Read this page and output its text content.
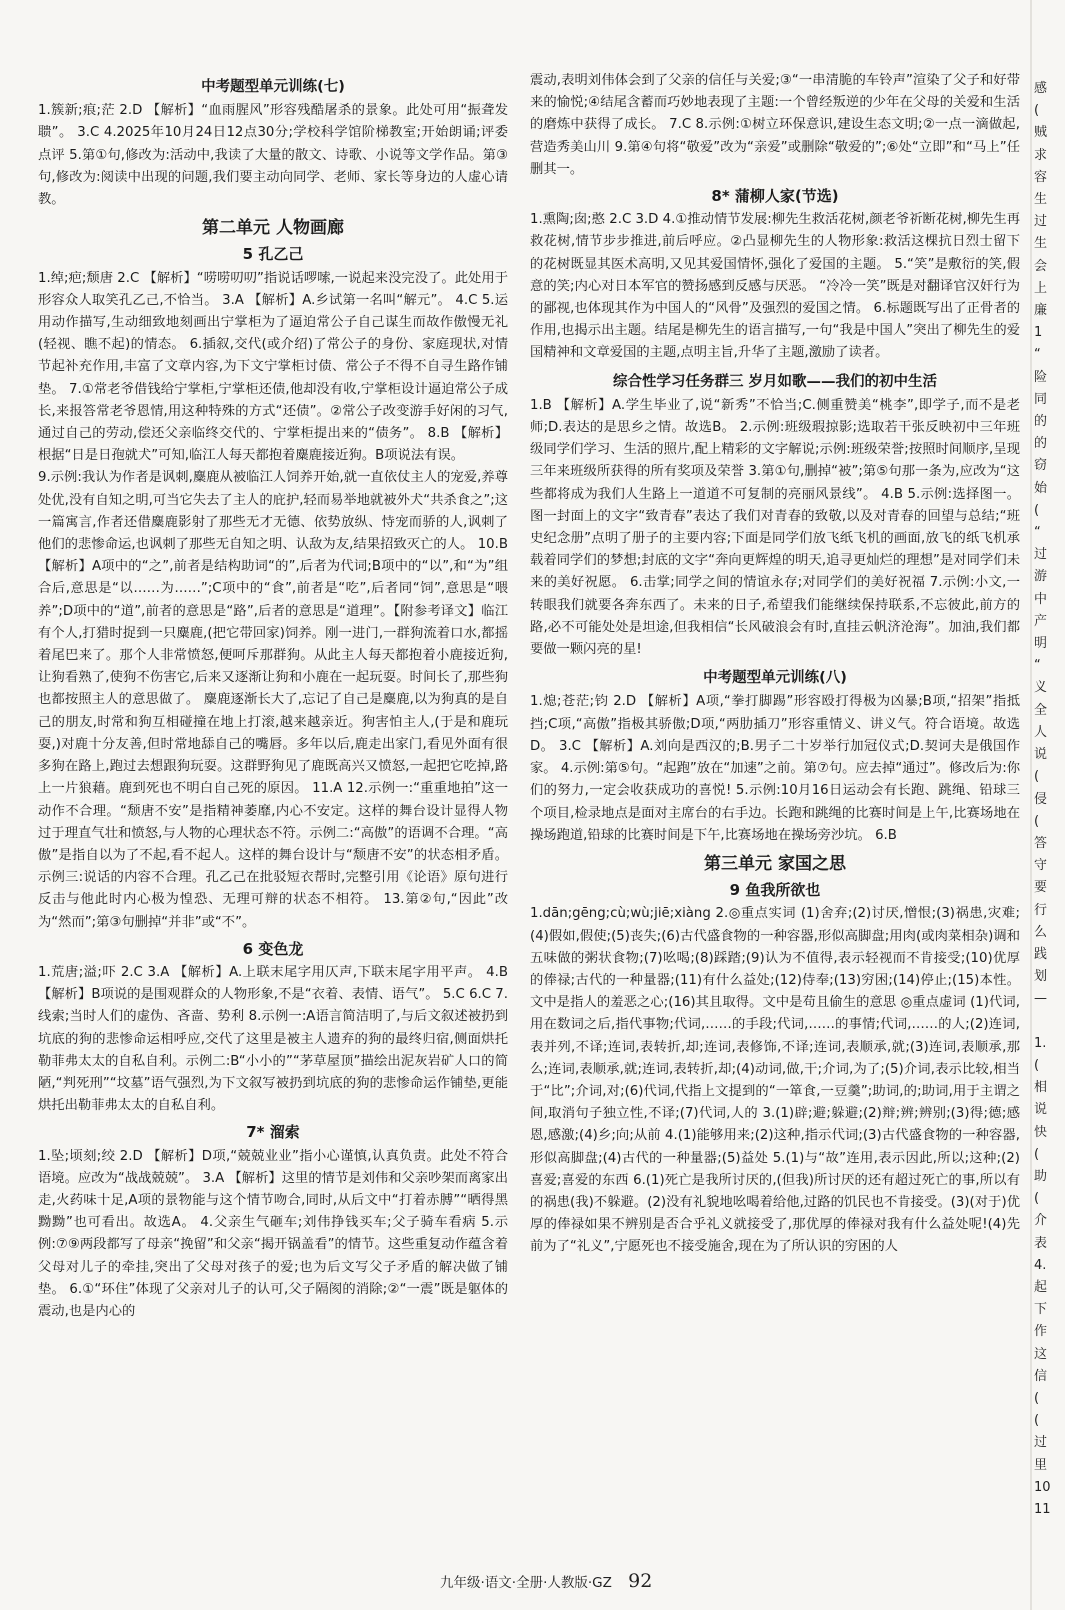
中考题型单元训练(七)

1.簇新;痕;茫 2.D 【解析】“血雨腥风”形容残酷屠杀的景象。此处可用“振聋发聩”。 3.C 4.2025年10月24日12点30分;学校科学馆阶梯教室;开始朗诵;评委点评 5.第①句,修改为:活动中,我读了大量的散文、诗歌、小说等文学作品。第③句,修改为:阅读中出现的问题,我们要主动向同学、老师、家长等身边的人虚心请教。

第二单元 人物画廊
5 孔乙己

1.绰;疤;颓唐 2.C 【解析】“唠唠叨叨”指说话啰嗦,一说起来没完没了。此处用于形容众人取笑孔乙己,不恰当。 3.A 【解析】A.乡试第一名叫“解元”。 4.C 5.运用动作描写,生动细致地刻画出宁掌柜为了逼迫常公子自己谋生而故作傲慢无礼(轻视、瞧不起)的情态。 6.插叙,交代(或介绍)了常公子的身份、家庭现状,对情节起补充作用,丰富了文章内容,为下文宁掌柜讨债、常公子不得不自寻生路作铺垫。 7.①常老爷借钱给宁掌柜,宁掌柜还债,他却没有收,宁掌柜设计逼迫常公子成长,来报答常老爷恩情,用这种特殊的方式“还债”。②常公子改变游手好闲的习气,通过自己的劳动,偿还父亲临终交代的、宁掌柜提出来的“债务”。 8.B 【解析】根据“日是日孢就犬”可知,临江人每天都抱着麋鹿接近狗。B项说法有误。

9.示例:我认为作者是讽刺,麋鹿从被临江人饲养开始,就一直依仗主人的宠爱,养尊处优,没有自知之明,可当它失去了主人的庇护,轻而易举地就被外犬“共杀食之”;这一篇寓言,作者还借麋鹿影射了那些无才无德、依势放纵、恃宠而骄的人,讽刺了他们的悲惨命运,也讽刺了那些无自知之明、认敌为友,结果招致灭亡的人。 10.B 【解析】A项中的“之”,前者是结构助词“的”,后者为代词;B项中的“以”,和“为”组合后,意思是“以……为……”;C项中的“食”,前者是“吃”,后者同“饲”,意思是“喂养”;D项中的“道”,前者的意思是“路”,后者的意思是“道理”。【附参考译文】临江有个人,打猎时捉到一只麋鹿,(把它带回家)饲养。刚一进门,一群狗流着口水,都摇着尾巴来了。那个人非常愤怒,便呵斥那群狗。从此主人每天都抱着小鹿接近狗,让狗看熟了,使狗不伤害它,后来又逐渐让狗和小鹿在一起玩耍。时间长了,那些狗也都按照主人的意思做了。 麋鹿逐渐长大了,忘记了自己是麋鹿,以为狗真的是自己的朋友,时常和狗互相碰撞在地上打滚,越来越亲近。狗害怕主人,(于是和鹿玩耍,)对鹿十分友善,但时常地舔自己的嘴唇。多年以后,鹿走出家门,看见外面有很多狗在路上,跑过去想跟狗玩耍。这群野狗见了鹿既高兴又愤怒,一起把它吃掉,路上一片狼藉。鹿到死也不明白自己死的原因。 11.A 12.示例一:“重重地拍”这一动作不合理。“颓唐不安”是指精神萎靡,内心不安定。这样的舞台设计显得人物过于理直气壮和愤怒,与人物的心理状态不符。示例二:“高傲”的语调不合理。“高傲”是指自以为了不起,看不起人。这样的舞台设计与“颓唐不安”的状态相矛盾。示例三:说话的内容不合理。孔乙己在批驳短衣帮时,完整引用《论语》原句进行反击与他此时内心极为惶恐、无理可辩的状态不相符。 13.第②句,“因此”改为“然而”;第③句删掉“并非”或“不”。

6 变色龙

1.荒唐;溢;吓 2.C 3.A 【解析】A.上联末尾字用仄声,下联末尾字用平声。 4.B 【解析】B项说的是围观群众的人物形象,不是“衣着、表情、语气”。 5.C 6.C 7.线索;当时人们的虚伪、吝啬、势利 8.示例一:A语言简洁明了,与后文叙述被扔到坑底的狗的悲惨命运相呼应,交代了这里是被主人遗弃的狗的最终归宿,侧面烘托勒菲弗太太的自私自利。示例二:B“小小的”“茅草屋顶”描绘出泥灰岩矿人口的简陋,“判死刑”“坟墓”语气强烈,为下文叙写被扔到坑底的狗的悲惨命运作铺垫,更能烘托出勒菲弗太太的自私自利。

7* 溜索

1.坠;顷刻;绞 2.D 【解析】D项,“兢兢业业”指小心谨慎,认真负责。此处不符合语境。应改为“战战兢兢”。 3.A 【解析】这里的情节是刘伟和父亲吵架而离家出走,火药味十足,A项的景物能与这个情节吻合,同时,从后文中“打着赤膊”“晒得黑黝黝”也可看出。故选A。 4.父亲生气砸车;刘伟挣钱买车;父子骑车看病 5.示例:⑦⑨两段都写了母亲“挽留”和父亲“揭开锅盖看”的情节。这些重复动作蕴含着父母对儿子的牵挂,突出了父母对孩子的爱;也为后文写父子矛盾的解决做了铺垫。 6.①“环住”体现了父亲对儿子的认可,父子隔阂的消除;②“一震”既是躯体的震动,也是内心的

震动,表明刘伟体会到了父亲的信任与关爱;③“一串清脆的车铃声”渲染了父子和好带来的愉悦;④结尾含蓄而巧妙地表现了主题:一个曾经叛逆的少年在父母的关爱和生活的磨炼中获得了成长。 7.C 8.示例:①树立环保意识,建设生态文明;②一点一滴做起,营造秀美山川 9.第④句将“敬爱”改为“亲爱”或删除“敬爱的”;⑥处“立即”和“马上”任删其一。

8* 蒲柳人家(节选)

1.熏陶;囱;憨 2.C 3.D 4.①推动情节发展:柳先生救活花树,颜老爷祈断花树,柳先生再救花树,情节步步推进,前后呼应。②凸显柳先生的人物形象:救活这棵抗日烈士留下的花树既显其医术高明,又见其爱国情怀,强化了爱国的主题。 5.“笑”是敷衍的笑,假意的笑;内心对日本军官的赞扬感到反感与厌恶。 “冷冷一笑”既是对翻译官汉奸行为的鄙视,也体现其作为中国人的“风骨”及强烈的爱国之情。 6.标题既写出了正骨者的作用,也揭示出主题。结尾是柳先生的语言描写,一句“我是中国人”突出了柳先生的爱国精神和文章爱国的主题,点明主旨,升华了主题,激励了读者。

综合性学习任务群三 岁月如歌——我们的初中生活

1.B 【解析】A.学生毕业了,说“新秀”不恰当;C.侧重赞美“桃李”,即学子,而不是老师;D.表达的是思乡之情。故选B。 2.示例:班级瑕掠影;选取若干张反映初中三年班级同学们学习、生活的照片,配上精彩的文字解说;示例:班级荣誉;按照时间顺序,呈现三年来班级所获得的所有奖项及荣誉 3.第①句,删掉“被”;第⑤句那一条为,应改为“这些都将成为我们人生路上一道道不可复制的亮丽风景线”。 4.B 5.示例:选择图一。图一封面上的文字“致青春”表达了我们对青春的致敬,以及对青春的回望与总结;“班史纪念册”点明了册子的主要内容;下面是同学们放飞纸飞机的画面,放飞的纸飞机承载着同学们的梦想;封底的文字“奔向更辉煌的明天,追寻更灿烂的理想”是对同学们未来的美好祝愿。 6.击掌;同学之间的情谊永存;对同学们的美好祝福 7.示例:小文,一转眼我们就要各奔东西了。未来的日子,希望我们能继续保持联系,不忘彼此,前方的路,必不可能处处是坦途,但我相信“长风破浪会有时,直挂云帆济沧海”。加油,我们都要做一颗闪亮的星!

中考题型单元训练(八)

1.熄;苍茫;钧 2.D 【解析】A项,“拳打脚踢”形容殴打得极为凶暴;B项,“招架”指抵挡;C项,“高傲”指极其骄傲;D项,“两肋插刀”形容重情义、讲义气。符合语境。故选D。 3.C 【解析】A.刘向是西汉的;B.男子二十岁举行加冠仪式;D.契诃夫是俄国作家。 4.示例:第⑤句。“起跑”放在“加速”之前。第⑦句。应去掉“通过”。修改后为:你们的努力,一定会收获成功的喜悦! 5.示例:10月16日运动会有长跑、跳绳、铅球三个项目,检录地点是面对主席台的右手边。长跑和跳绳的比赛时间是上午,比赛场地在操场跑道,铅球的比赛时间是下午,比赛场地在操场旁沙坑。 6.B

第三单元 家国之思
9 鱼我所欲也

1.dān;gēng;cù;wù;jiē;xiàng 2.◎重点实词 (1)舍弃;(2)讨厌,憎恨;(3)祸患,灾难;(4)假如,假使;(5)丧失;(6)古代盛食物的一种容器,形似高脚盘;用肉(或肉菜相杂)调和五味做的粥状食物;(7)吆喝;(8)踩踏;(9)认为不值得,表示轻视而不肯接受;(10)优厚的俸禄;古代的一种量器;(11)有什么益处;(12)侍奉;(13)穷困;(14)停止;(15)本性。文中是指人的羞恶之心;(16)其且取得。文中是苟且偷生的意思 ◎重点虚词 (1)代词,用在数词之后,指代事物;代词,……的手段;代词,……的事情;代词,……的人;(2)连词,表并列,不译;连词,表转折,却;连词,表修饰,不译;连词,表顺承,就;(3)连词,表顺承,那么;连词,表顺承,就;连词,表转折,却;(4)动词,做,干;介词,为了;(5)介词,表示比较,相当于“比”;介词,对;(6)代词,代指上文提到的“一箪食,一豆羹”;助词,的;助词,用于主谓之间,取消句子独立性,不译;(7)代词,人的 3.(1)辟;避;躲避;(2)辩;辨;辨别;(3)得;德;感恩,感激;(4)乡;向;从前 4.(1)能够用来;(2)这种,指示代词;(3)古代盛食物的一种容器,形似高脚盘;(4)古代的一种量器;(5)益处 5.(1)与“故”连用,表示因此,所以;这种;(2)喜爱;喜爱的东西 6.(1)死亡是我所讨厌的,(但我)所讨厌的还有超过死亡的事,所以有的祸患(我)不躲避。(2)没有礼貌地吆喝着给他,过路的饥民也不肯接受。(3)(对于)优厚的俸禄如果不辨别是否合乎礼义就接受了,那优厚的俸禄对我有什么益处呢!(4)先前为了“礼义”,宁愿死也不接受施舍,现在为了所认识的穷困的人

感
(
贼
求
容
生
过
生
会
上
廉
1
“
险
同
的
的
窃
始
(
“
过
游
中
产
明
“
义
全
人
说
(
侵
(
答
守
要
行
么
践
划
—

1.
(
相
说
快
(
助
(
介
表
4.
起
下
作
这
信
(
(
过
里
10
11
九年级·语文·全册·人教版·GZ 92
